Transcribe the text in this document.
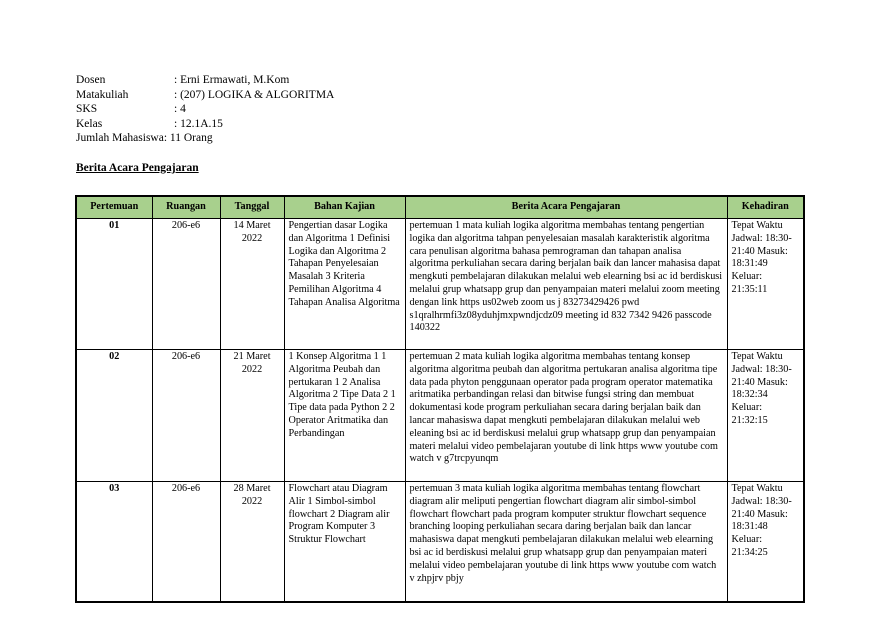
Dosen	: Erni Ermawati, M.Kom
Matakuliah	: (207) LOGIKA & ALGORITMA
SKS	: 4
Kelas	: 12.1A.15
Jumlah Mahasiswa : 11 Orang
Berita Acara Pengajaran
Pertemuan	Ruangan	Tanggal	Bahan Kajian	Berita Acara Pengajaran	Kehadiran
01	206-e6	14 Maret 2022	Pengertian dasar Logika dan Algoritma 1 Definisi Logika dan Algoritma 2 Tahapan Penyelesaian Masalah 3 Kriteria Pemilihan Algoritma 4 Tahapan Analisa Algoritma	pertemuan 1 mata kuliah logika algoritma membahas tentang pengertian logika dan algoritma tahpan penyelesaian masalah karakteristik algoritma cara penulisan algoritma bahasa pemrograman dan tahapan analisa algoritma perkuliahan secara daring berjalan baik dan lancer mahasisa dapat mengkuti pembelajaran dilakukan melalui web elearning bsi ac id berdiskusi melalui grup whatsapp grup dan penyampaian materi melalui zoom meeting dengan link https us02web zoom us j 83273429426 pwd s1qralhrmfi3z08yduhjmxpwndjcdz09 meeting id 832 7342 9426 passcode 140322	Tepat Waktu Jadwal: 18:30-21:40 Masuk: 18:31:49 Keluar: 21:35:11
02	206-e6	21 Maret 2022	1 Konsep Algoritma 1 1 Algoritma Peubah dan pertukaran 1 2 Analisa Algoritma 2 Tipe Data 2 1 Tipe data pada Python 2 2 Operator Aritmatika dan Perbandingan	pertemuan 2 mata kuliah logika algoritma membahas tentang konsep algoritma algoritma peubah dan algoritma pertukaran analisa algoritma tipe data pada phyton penggunaan operator pada program operator matematika aritmatika perbandingan relasi dan bitwise fungsi string dan membuat dokumentasi kode program perkuliahan secara daring berjalan baik dan lancar mahasiswa dapat mengkuti pembelajaran dilakukan melalui web eleaning bsi ac id berdiskusi melalui grup whatsapp grup dan penyampaian materi melalui video pembelajaran youtube di link https www youtube com watch v g7trcpyunqm	Tepat Waktu Jadwal: 18:30-21:40 Masuk: 18:32:34 Keluar: 21:32:15
03	206-e6	28 Maret 2022	Flowchart atau Diagram Alir 1 Simbol-simbol flowchart 2 Diagram alir Program Komputer 3 Struktur Flowchart	pertemuan 3 mata kuliah logika algoritma membahas tentang flowchart diagram alir meliputi pengertian flowchart diagram alir simbol-simbol flowchart flowchart pada program komputer struktur flowchart sequence branching looping perkuliahan secara daring berjalan baik dan lancar mahasiswa dapat mengkuti pembelajaran dilakukan melalui web elearning bsi ac id berdiskusi melalui grup whatsapp grup dan penyampaian materi melalui video pembelajaran youtube di link https www youtube com watch v zhpjrv pbjy	Tepat Waktu Jadwal: 18:30-21:40 Masuk: 18:31:48 Keluar: 21:34:25
